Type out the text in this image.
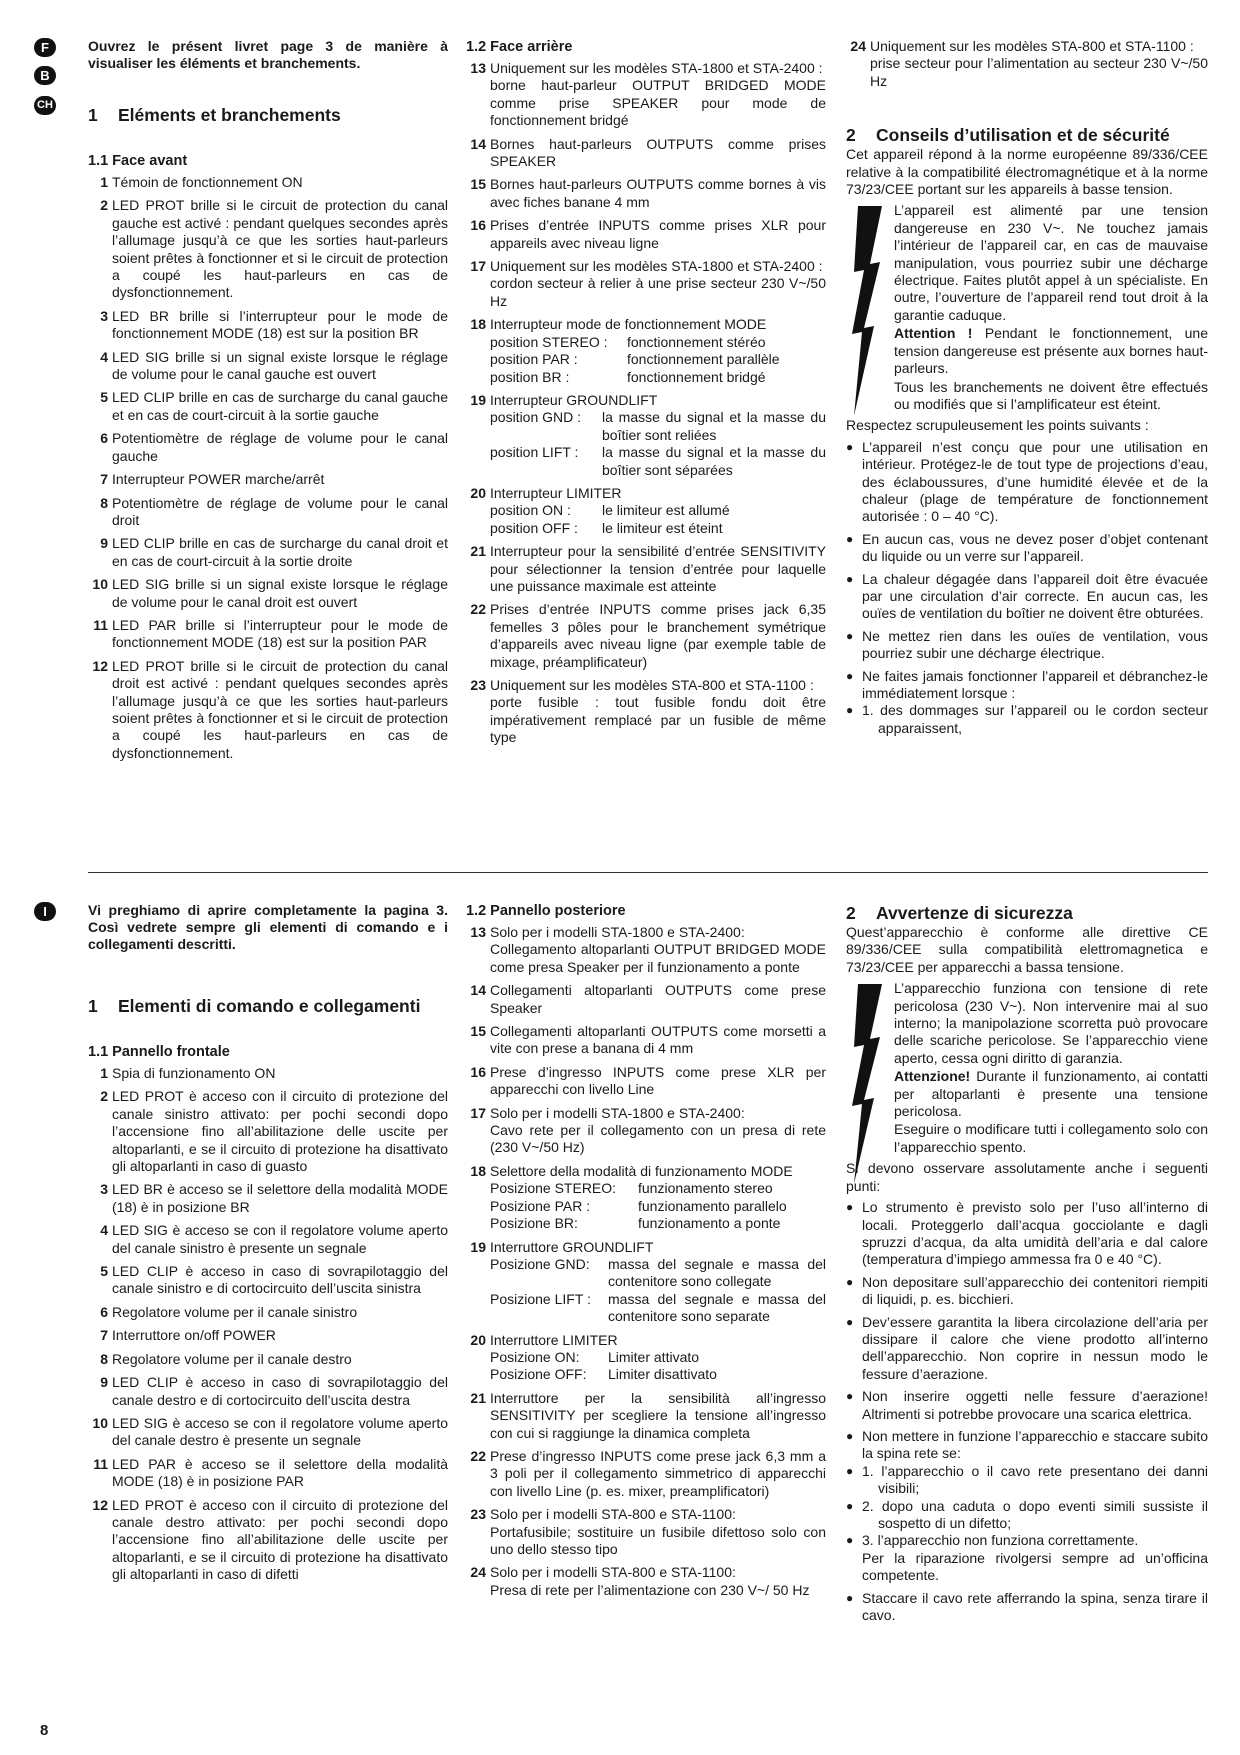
F
B
CH

Ouvrez le présent livret page 3 de manière à visualiser les éléments et branchements.

1 Eléments et branchements
1.1 Face avant
1 Témoin de fonctionnement ON
2 LED PROT brille si le circuit de protection du canal gauche est activé : pendant quelques secondes après l’allumage jusqu’à ce que les sorties haut-parleurs soient prêtes à fonctionner et si le circuit de protection a coupé les haut-parleurs en cas de dysfonctionnement.
3 LED BR brille si l’interrupteur pour le mode de fonctionnement MODE (18) est sur la position BR
4 LED SIG brille si un signal existe lorsque le réglage de volume pour le canal gauche est ouvert
5 LED CLIP brille en cas de surcharge du canal gauche et en cas de court-circuit à la sortie gauche
6 Potentiomètre de réglage de volume pour le canal gauche
7 Interrupteur POWER marche/arrêt
8 Potentiomètre de réglage de volume pour le canal droit
9 LED CLIP brille en cas de surcharge du canal droit et en cas de court-circuit à la sortie droite
10 LED SIG brille si un signal existe lorsque le réglage de volume pour le canal droit est ouvert
11 LED PAR brille si l’interrupteur pour le mode de fonctionnement MODE (18) est sur la position PAR
12 LED PROT brille si le circuit de protection du canal droit est activé : pendant quelques secondes après l’allumage jusqu’à ce que les sorties haut-parleurs soient prêtes à fonctionner et si le circuit de protection a coupé les haut-parleurs en cas de dysfonctionnement.
1.2 Face arrière
13 Uniquement sur les modèles STA-1800 et STA-2400 :
borne haut-parleur OUTPUT BRIDGED MODE comme prise SPEAKER pour mode de fonctionnement bridgé
14 Bornes haut-parleurs OUTPUTS comme prises SPEAKER
15 Bornes haut-parleurs OUTPUTS comme bornes à vis avec fiches banane 4 mm
16 Prises d’entrée INPUTS comme prises XLR pour appareils avec niveau ligne
17 Uniquement sur les modèles STA-1800 et STA-2400 :
cordon secteur à relier à une prise secteur 230 V~/50 Hz
18 Interrupteur mode de fonctionnement MODE
position STEREO :	fonctionnement stéréo
position PAR :	fonctionnement parallèle
position BR :	fonctionnement bridgé
19 Interrupteur GROUNDLIFT
position GND :	la masse du signal et la masse du boîtier sont reliées
position LIFT :	la masse du signal et la masse du boîtier sont séparées
20 Interrupteur LIMITER
position ON :	le limiteur est allumé
position OFF :	le limiteur est éteint
21 Interrupteur pour la sensibilité d’entrée SENSITIVITY pour sélectionner la tension d’entrée pour laquelle une puissance maximale est atteinte
22 Prises d’entrée INPUTS comme prises jack 6,35 femelles 3 pôles pour le branchement symétrique d’appareils avec niveau ligne (par exemple table de mixage, préamplificateur)
23 Uniquement sur les modèles STA-800 et STA-1100 :
porte fusible : tout fusible fondu doit être impérativement remplacé par un fusible de même type
24 Uniquement sur les modèles STA-800 et STA-1100 :
prise secteur pour l’alimentation au secteur 230 V~/50 Hz
2 Conseils d’utilisation et de sécurité

Cet appareil répond à la norme européenne 89/336/CEE relative à la compatibilité électromagnétique et à la norme 73/23/CEE portant sur les appareils à basse tension.

L’appareil est alimenté par une tension dangereuse en 230 V~. Ne touchez jamais l’intérieur de l’appareil car, en cas de mauvaise manipulation, vous pourriez subir une décharge électrique. Faites plutôt appel à un spécialiste. En outre, l’ouverture de l’appareil rend tout droit à la garantie caduque.

Attention ! Pendant le fonctionnement, une tension dangereuse est présente aux bornes haut-parleurs.

Tous les branchements ne doivent être effectués ou modifiés que si l’amplificateur est éteint.

Respectez scrupuleusement les points suivants :

● L’appareil n’est conçu que pour une utilisation en intérieur. Protégez-le de tout type de projections d’eau, des éclaboussures, d’une humidité élevée et de la chaleur (plage de température de fonctionnement autorisée : 0 – 40 °C).
● En aucun cas, vous ne devez poser d’objet contenant du liquide ou un verre sur l’appareil.
● La chaleur dégagée dans l’appareil doit être évacuée par une circulation d’air correcte. En aucun cas, les ouïes de ventilation du boîtier ne doivent être obturées.
● Ne mettez rien dans les ouïes de ventilation, vous pourriez subir une décharge électrique.
● Ne faites jamais fonctionner l’appareil et débranchez-le immédiatement lorsque :
● 1. des dommages sur l’appareil ou le cordon secteur apparaissent,
I	Vi preghiamo di aprire completamente la pagina 3. Così vedrete sempre gli elementi di comando e i collegamenti descritti.

1 Elementi di comando e collegamenti
1.1 Pannello frontale
1 Spia di funzionamento ON
2 LED PROT è acceso con il circuito di protezione del canale sinistro attivato: per pochi secondi dopo l’accensione fino all’abilitazione delle uscite per altoparlanti, e se il circuito di protezione ha disattivato gli altoparlanti in caso di guasto
3 LED BR è acceso se il selettore della modalità MODE (18) è in posizione BR
4 LED SIG è acceso se con il regolatore volume aperto del canale sinistro è presente un segnale
5 LED CLIP è acceso in caso di sovrapilotaggio del canale sinistro e di cortocircuito dell’uscita sinistra
6 Regolatore volume per il canale sinistro
7 Interruttore on/off POWER
8 Regolatore volume per il canale destro
9 LED CLIP è acceso in caso di sovrapilotaggio del canale destro e di cortocircuito dell’uscita destra
10 LED SIG è acceso se con il regolatore volume aperto del canale destro è presente un segnale
11 LED PAR è acceso se il selettore della modalità MODE (18) è in posizione PAR
12 LED PROT è acceso con il circuito di protezione del canale destro attivato: per pochi secondi dopo l’accensione fino all’abilitazione delle uscite per altoparlanti, e se il circuito di protezione ha disattivato gli altoparlanti in caso di difetti
1.2 Pannello posteriore
13 Solo per i modelli STA-1800 e STA-2400:
Collegamento altoparlanti OUTPUT BRIDGED MODE come presa Speaker per il funzionamento a ponte
14 Collegamenti altoparlanti OUTPUTS come prese Speaker
15 Collegamenti altoparlanti OUTPUTS come morsetti a vite con prese a banana di 4 mm
16 Prese d’ingresso INPUTS come prese XLR per apparecchi con livello Line
17 Solo per i modelli STA-1800 e STA-2400:
Cavo rete per il collegamento con un presa di rete (230 V~/50 Hz)
18 Selettore della modalità di funzionamento MODE
Posizione STEREO:	funzionamento stereo
Posizione PAR :	funzionamento parallelo
Posizione BR:	funzionamento a ponte
19 Interruttore GROUNDLIFT
Posizione GND:	massa del segnale e massa del contenitore sono collegate
Posizione LIFT :	massa del segnale e massa del contenitore sono separate
20 Interruttore LIMITER
Posizione ON:	Limiter attivato
Posizione OFF:	Limiter disattivato
21 Interruttore per la sensibilità all’ingresso SENSITIVITY per scegliere la tensione all’ingresso con cui si raggiunge la dinamica completa
22 Prese d’ingresso INPUTS come prese jack 6,3 mm a 3 poli per il collegamento simmetrico di apparecchi con livello Line (p. es. mixer, preamplificatori)
23 Solo per i modelli STA-800 e STA-1100:
Portafusibile; sostituire un fusibile difettoso solo con uno dello stesso tipo
24 Solo per i modelli STA-800 e STA-1100:
Presa di rete per l’alimentazione con 230 V~/ 50 Hz
2 Avvertenze di sicurezza

Quest’apparecchio è conforme alle direttive CE 89/336/CEE sulla compatibilità elettromagnetica e 73/23/CEE per apparecchi a bassa tensione.

L’apparecchio funziona con tensione di rete pericolosa (230 V~). Non intervenire mai al suo interno; la manipolazione scorretta può provocare delle scariche pericolose. Se l’apparecchio viene aperto, cessa ogni diritto di garanzia.

Attenzione! Durante il funzionamento, ai contatti per altoparlanti è presente una tensione pericolosa.

Eseguire o modificare tutti i collegamento solo con l’apparecchio spento.

Si devono osservare assolutamente anche i seguenti punti:

● Lo strumento è previsto solo per l’uso all’interno di locali. Proteggerlo dall’acqua gocciolante e dagli spruzzi d’acqua, da alta umidità dell’aria e dal calore (temperatura d’impiego ammessa fra 0 e 40 °C).
● Non depositare sull’apparecchio dei contenitori riempiti di liquidi, p. es. bicchieri.
● Dev’essere garantita la libera circolazione dell’aria per dissipare il calore che viene prodotto all’interno dell’apparecchio. Non coprire in nessun modo le fessure d’aerazione.
● Non inserire oggetti nelle fessure d’aerazione! Altrimenti si potrebbe provocare una scarica elettrica.
● Non mettere in funzione l’apparecchio e staccare subito la spina rete se:
● 1. l’apparecchio o il cavo rete presentano dei danni visibili;
● 2. dopo una caduta o dopo eventi simili sussiste il sospetto di un difetto;
● 3. l’apparecchio non funziona correttamente.
Per la riparazione rivolgersi sempre ad un’officina competente.
● Staccare il cavo rete afferrando la spina, senza tirare il cavo.
8
